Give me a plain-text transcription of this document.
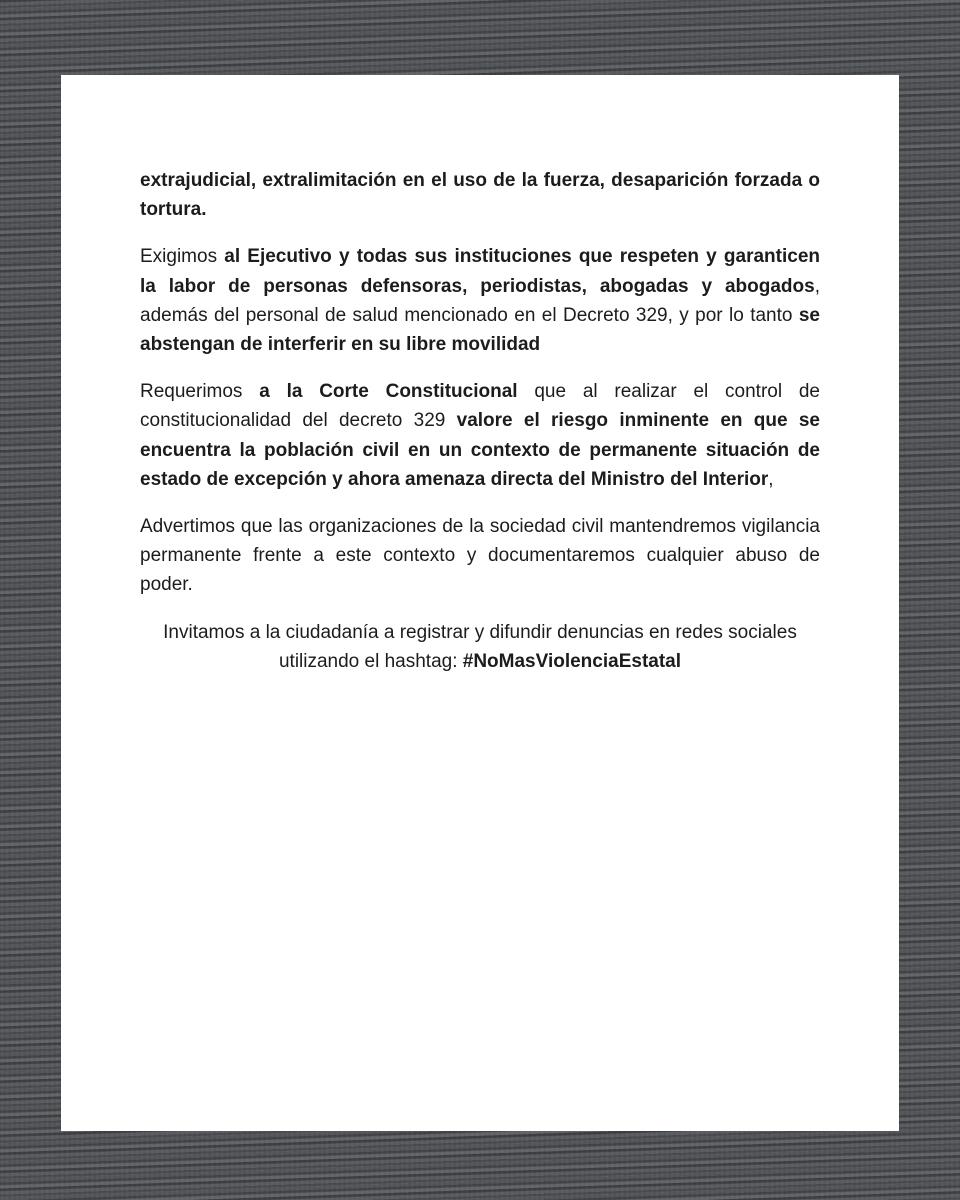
extrajudicial, extralimitación en el uso de la fuerza, desaparición forzada o tortura.

Exigimos al Ejecutivo y todas sus instituciones que respeten y garanticen la labor de personas defensoras, periodistas, abogadas y abogados, además del personal de salud mencionado en el Decreto 329, y por lo tanto se abstengan de interferir en su libre movilidad

Requerimos a la Corte Constitucional que al realizar el control de constitucionalidad del decreto 329 valore el riesgo inminente en que se encuentra la población civil en un contexto de permanente situación de estado de excepción y ahora amenaza directa del Ministro del Interior,

Advertimos que las organizaciones de la sociedad civil mantendremos vigilancia permanente frente a este contexto y documentaremos cualquier abuso de poder.

Invitamos a la ciudadanía a registrar y difundir denuncias en redes sociales utilizando el hashtag: #NoMasViolenciaEstatal
